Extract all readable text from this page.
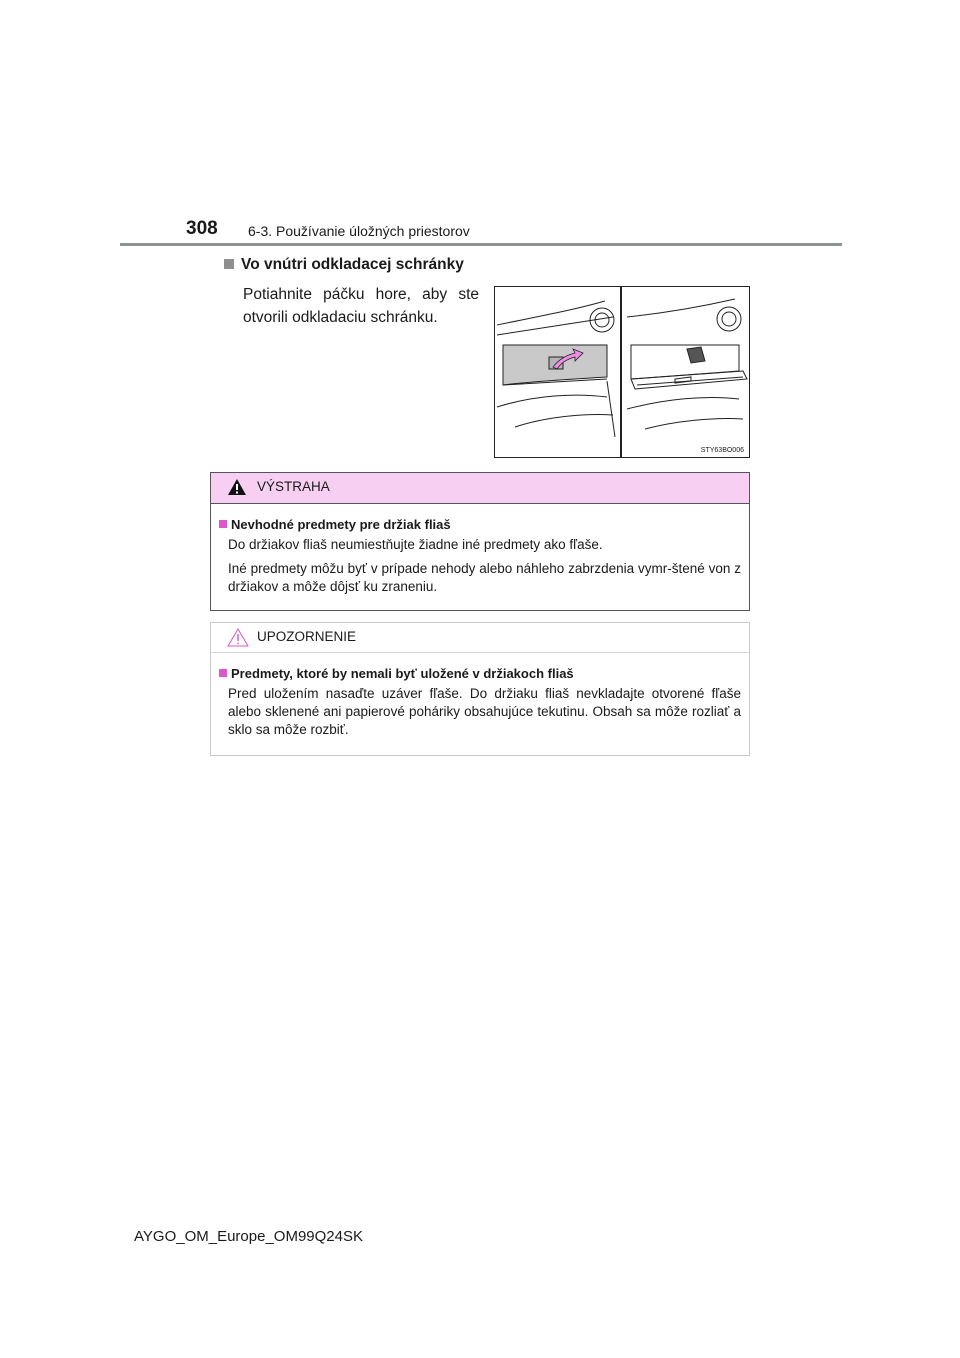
308 6-3. Používanie úložných priestorov
Vo vnútri odkladacej schránky
Potiahnite páčku hore, aby ste otvorili odkladaciu schránku.
STY63BO006
VÝSTRAHA
Nevhodné predmety pre držiak fliaš
Do držiakov fliaš neumiestňujte žiadne iné predmety ako fľaše.
Iné predmety môžu byť v prípade nehody alebo náhleho zabrzdenia vymr-štené von z držiakov a môže dôjsť ku zraneniu.
UPOZORNENIE
Predmety, ktoré by nemali byť uložené v držiakoch fliaš
Pred uložením nasaďte uzáver fľaše. Do držiaku fliaš nevkladajte otvorené fľaše alebo sklenené ani papierové poháriky obsahujúce tekutinu. Obsah sa môže rozliať a sklo sa môže rozbiť.
AYGO_OM_Europe_OM99Q24SK
